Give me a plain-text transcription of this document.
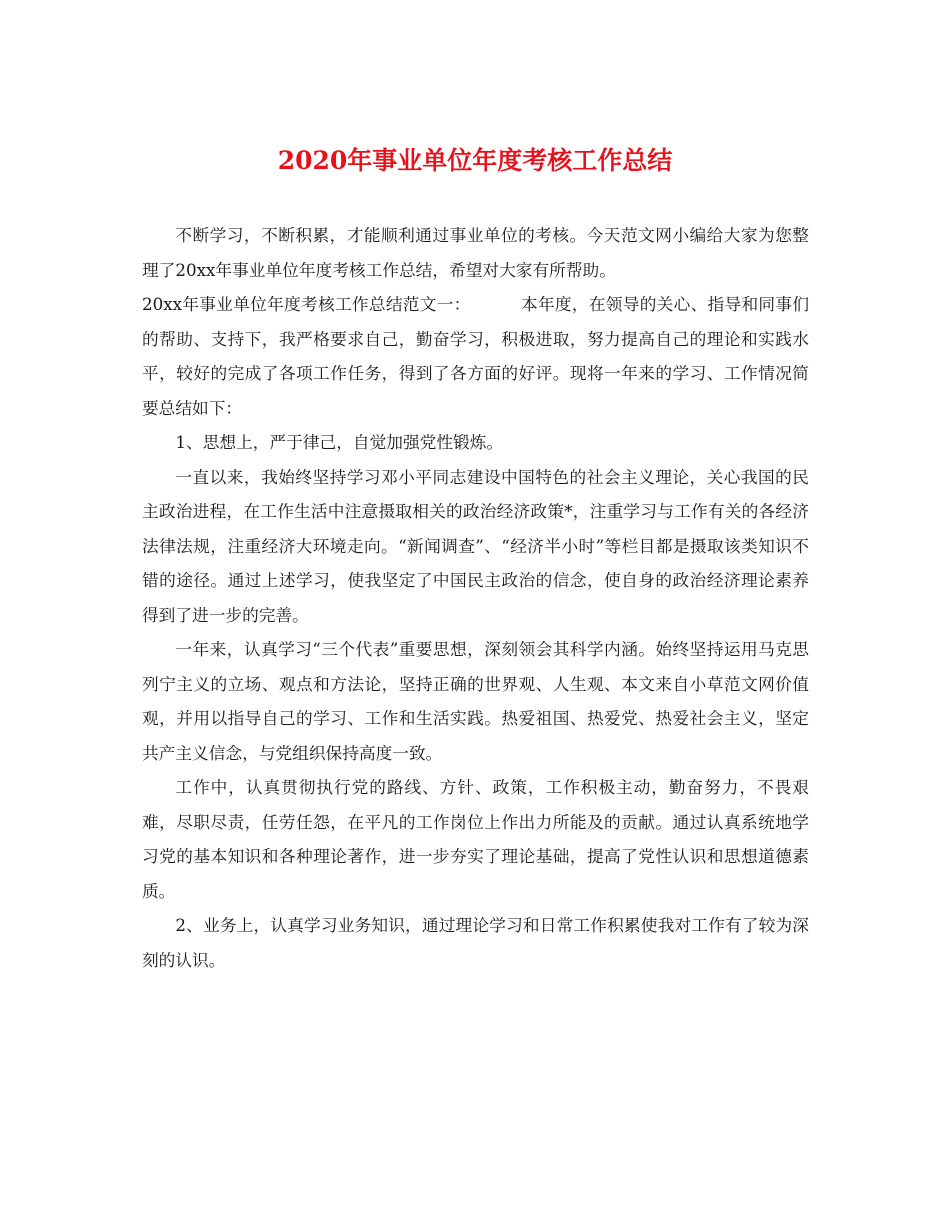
2020年事业单位年度考核工作总结

不断学习，不断积累，才能顺利通过事业单位的考核。今天范文网小编给大家为您整理了20xx年事业单位年度考核工作总结，希望对大家有所帮助。

20xx年事业单位年度考核工作总结范文一：	本年度，在领导的关心、指导和同事们的帮助、支持下，我严格要求自己，勤奋学习，积极进取，努力提高自己的理论和实践水平，较好的完成了各项工作任务，得到了各方面的好评。现将一年来的学习、工作情况简要总结如下：

1、思想上，严于律己，自觉加强党性锻炼。

一直以来，我始终坚持学习邓小平同志建设中国特色的社会主义理论，关心我国的民主政治进程，在工作生活中注意摄取相关的政治经济政策*，注重学习与工作有关的各经济法律法规，注重经济大环境走向。“新闻调查”、“经济半小时”等栏目都是摄取该类知识不错的途径。通过上述学习，使我坚定了中国民主政治的信念，使自身的政治经济理论素养得到了进一步的完善。

一年来，认真学习“三个代表”重要思想，深刻领会其科学内涵。始终坚持运用马克思列宁主义的立场、观点和方法论，坚持正确的世界观、人生观、本文来自小草范文网价值观，并用以指导自己的学习、工作和生活实践。热爱祖国、热爱党、热爱社会主义，坚定共产主义信念，与党组织保持高度一致。

工作中，认真贯彻执行党的路线、方针、政策，工作积极主动，勤奋努力，不畏艰难，尽职尽责，任劳任怨，在平凡的工作岗位上作出力所能及的贡献。通过认真系统地学习党的基本知识和各种理论著作，进一步夯实了理论基础，提高了党性认识和思想道德素质。

2、业务上，认真学习业务知识，通过理论学习和日常工作积累使我对工作有了较为深刻的认识。
